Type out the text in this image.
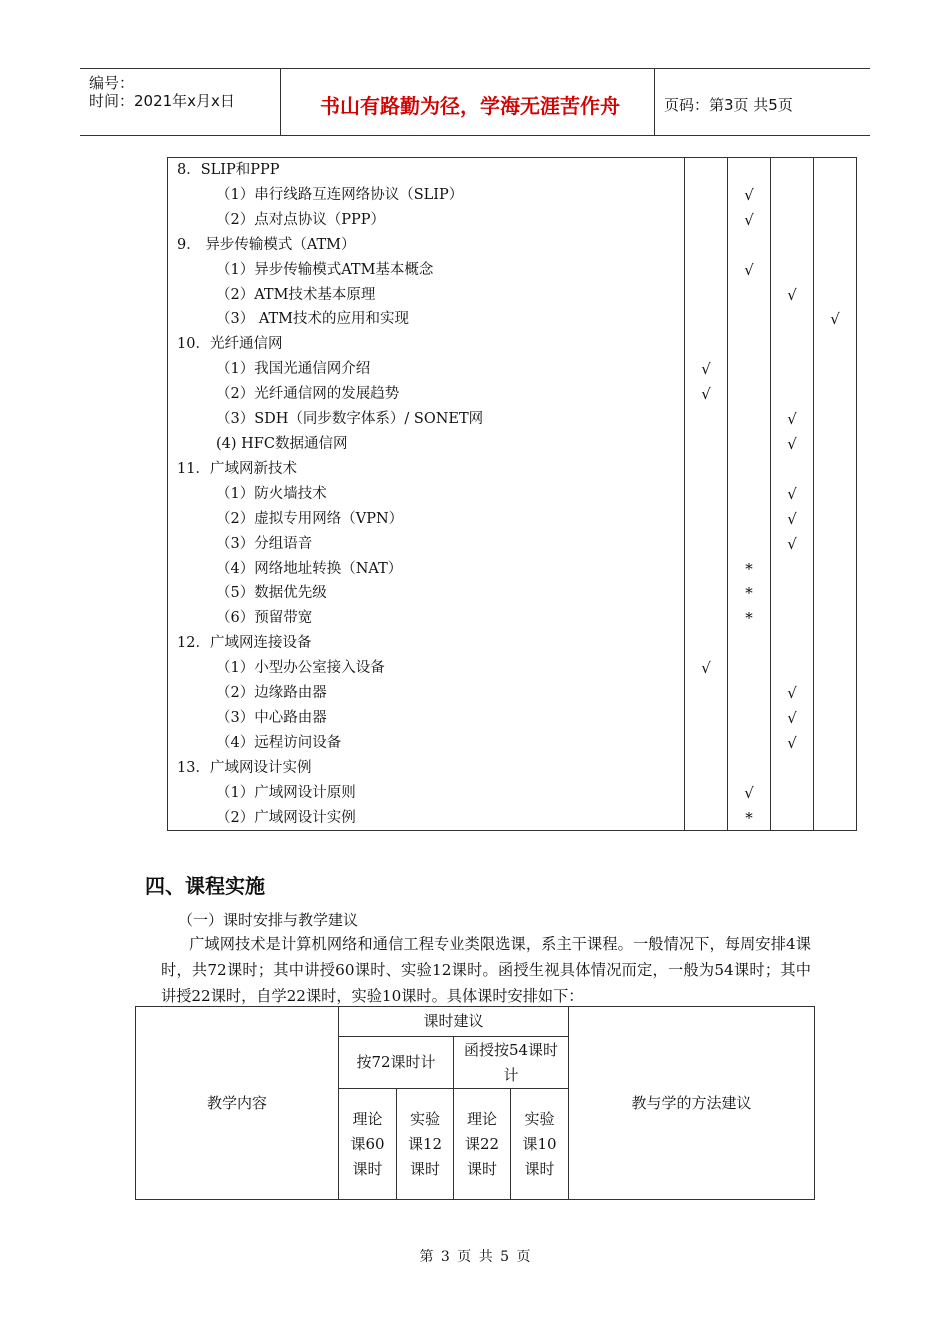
编号：
时间：2021年x月x日	书山有路勤为径，学海无涯苦作舟	页码：第3页 共5页
8．SLIP和PPP				
（1）串行线路互连网络协议（SLIP）		√		
（2）点对点协议（PPP）		√		
9． 异步传输模式（ATM）				
（1）异步传输模式ATM基本概念		√		
（2）ATM技术基本原理			√	
（3） ATM技术的应用和实现				√
10．光纤通信网				
（1）我国光通信网介绍	√			
（2）光纤通信网的发展趋势	√			
（3）SDH（同步数字体系）/ SONET网			√	
(4) HFC数据通信网			√	
11．广域网新技术				
（1）防火墙技术			√	
（2）虚拟专用网络（VPN）			√	
（3）分组语音			√	
（4）网络地址转换（NAT）		*		
（5）数据优先级		*		
（6）预留带宽		*		
12．广域网连接设备				
（1）小型办公室接入设备	√			
（2）边缘路由器			√	
（3）中心路由器			√	
（4）远程访问设备			√	
13．广域网设计实例				
（1）广域网设计原则		√		
（2）广域网设计实例		*		
四、课程实施
（一）课时安排与教学建议
广域网技术是计算机网络和通信工程专业类限选课，系主干课程。一般情况下，每周安排4课时，共72课时；其中讲授60课时、实验12课时。函授生视具体情况而定，一般为54课时；其中讲授22课时，自学22课时，实验10课时。具体课时安排如下：
教学内容	课时建议				教与学的方法建议
	按72课时计		函授按54课时计		
	理论课60课时	实验课12课时	理论课22课时	实验课10课时	
第 3 页 共 5 页
